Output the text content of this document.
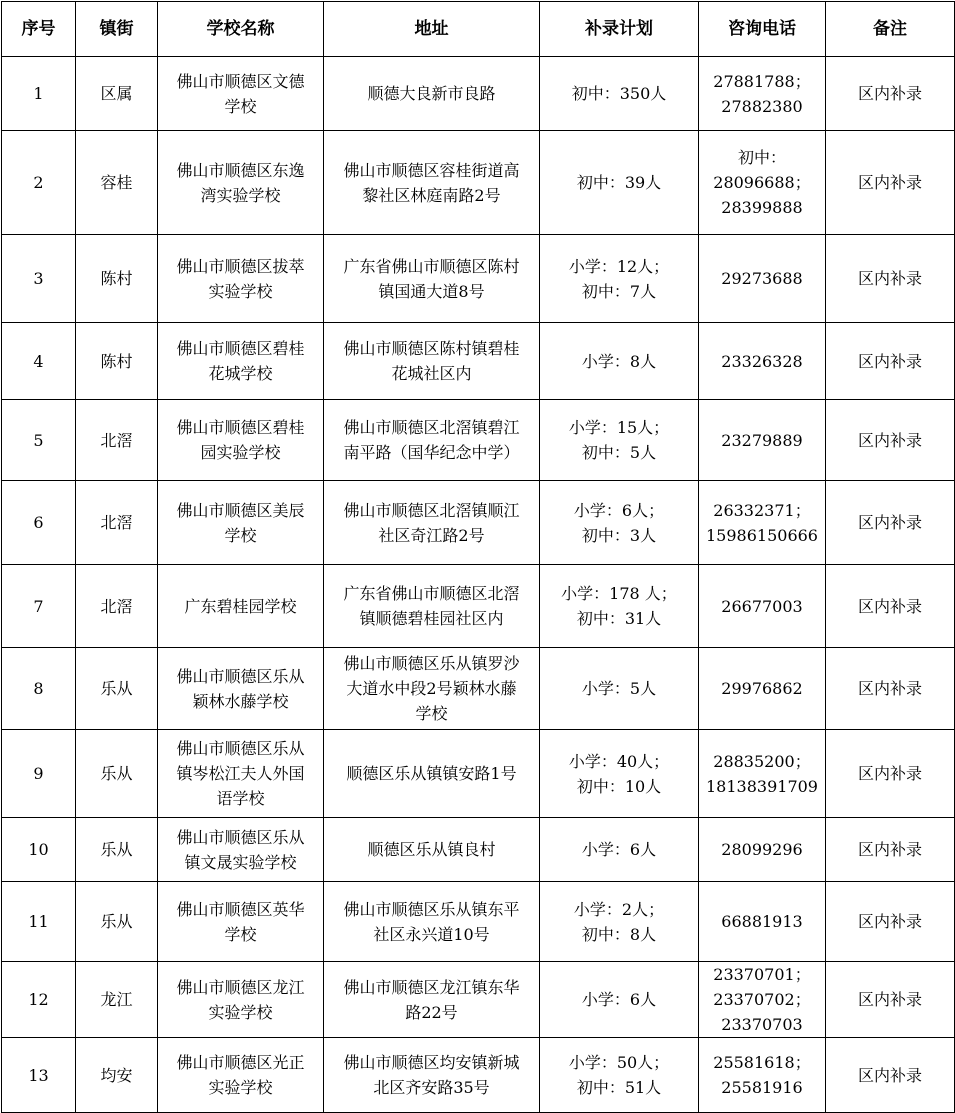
序号	镇街	学校名称	地址	补录计划	咨询电话	备注
1	区属	佛山市顺德区文德
学校	顺德大良新市良路	初中：350人	27881788；
27882380	区内补录
2	容桂	佛山市顺德区东逸
湾实验学校	佛山市顺德区容桂街道高
黎社区林庭南路2号	初中：39人	初中：
28096688；
28399888	区内补录
3	陈村	佛山市顺德区拔萃
实验学校	广东省佛山市顺德区陈村
镇国通大道8号	小学：12人；
初中：7人	29273688	区内补录
4	陈村	佛山市顺德区碧桂
花城学校	佛山市顺德区陈村镇碧桂
花城社区内	小学：8人	23326328	区内补录
5	北滘	佛山市顺德区碧桂
园实验学校	佛山市顺德区北滘镇碧江
南平路（国华纪念中学）	小学：15人；
初中：5人	23279889	区内补录
6	北滘	佛山市顺德区美辰
学校	佛山市顺德区北滘镇顺江
社区奇江路2号	小学：6人；
初中：3人	26332371；
15986150666	区内补录
7	北滘	广东碧桂园学校	广东省佛山市顺德区北滘
镇顺德碧桂园社区内	小学：178 人；
初中：31人	26677003	区内补录
8	乐从	佛山市顺德区乐从
颖林水藤学校	佛山市顺德区乐从镇罗沙
大道水中段2号颖林水藤
学校	小学：5人	29976862	区内补录
9	乐从	佛山市顺德区乐从
镇岑松江夫人外国
语学校	顺德区乐从镇镇安路1号	小学：40人；
初中：10人	28835200；
18138391709	区内补录
10	乐从	佛山市顺德区乐从
镇文晟实验学校	顺德区乐从镇良村	小学：6人	28099296	区内补录
11	乐从	佛山市顺德区英华
学校	佛山市顺德区乐从镇东平
社区永兴道10号	小学：2人；
初中：8人	66881913	区内补录
12	龙江	佛山市顺德区龙江
实验学校	佛山市顺德区龙江镇东华
路22号	小学：6人	23370701；
23370702；
23370703	区内补录
13	均安	佛山市顺德区光正
实验学校	佛山市顺德区均安镇新城
北区齐安路35号	小学：50人；
初中：51人	25581618；
25581916	区内补录
